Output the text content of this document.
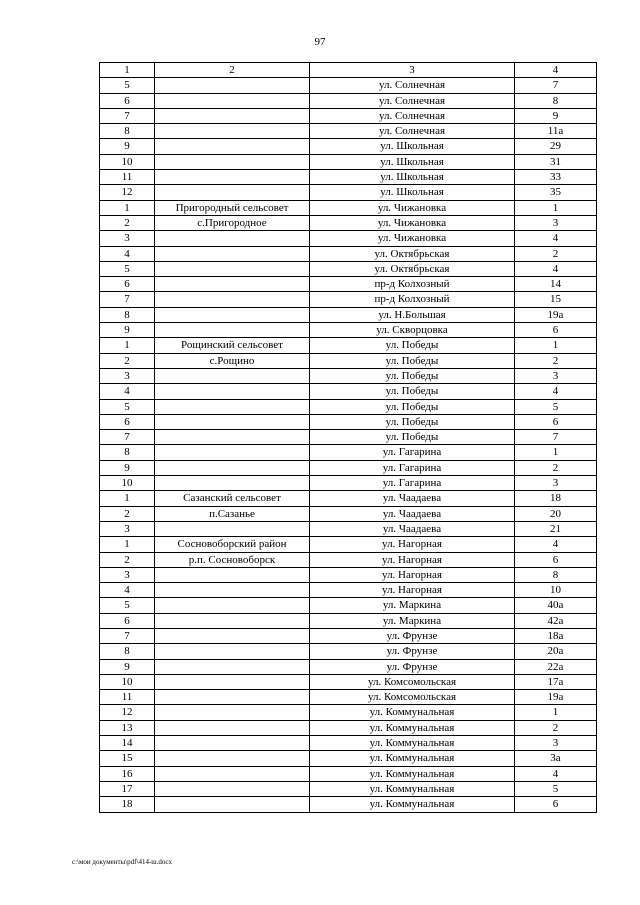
97
1	2	3	4
5		ул. Солнечная	7
6		ул. Солнечная	8
7		ул. Солнечная	9
8		ул. Солнечная	11а
9		ул. Школьная	29
10		ул. Школьная	31
11		ул. Школьная	33
12		ул. Школьная	35
1	Пригородный сельсовет	ул. Чижановка	1
2	с.Пригородное	ул. Чижановка	3
3		ул. Чижановка	4
4		ул. Октябрьская	2
5		ул. Октябрьская	4
6		пр-д Колхозный	14
7		пр-д Колхозный	15
8		ул. Н.Большая	19а
9		ул. Скворцовка	6
1	Рощинский сельсовет	ул. Победы	1
2	с.Рощино	ул. Победы	2
3		ул. Победы	3
4		ул. Победы	4
5		ул. Победы	5
6		ул. Победы	6
7		ул. Победы	7
8		ул. Гагарина	1
9		ул. Гагарина	2
10		ул. Гагарина	3
1	Сазанский сельсовет	ул. Чаадаева	18
2	п.Сазанье	ул. Чаадаева	20
3		ул. Чаадаева	21
1	Сосновоборский район	ул. Нагорная	4
2	р.п. Сосновоборск	ул. Нагорная	6
3		ул. Нагорная	8
4		ул. Нагорная	10
5		ул. Маркина	40а
6		ул. Маркина	42а
7		ул. Фрунзе	18а
8		ул. Фрунзе	20а
9		ул. Фрунзе	22а
10		ул. Комсомольская	17а
11		ул. Комсомольская	19а
12		ул. Коммунальная	1
13		ул. Коммунальная	2
14		ул. Коммунальная	3
15		ул. Коммунальная	3а
16		ул. Коммунальная	4
17		ул. Коммунальная	5
18		ул. Коммунальная	6
c:\мои документы\pdf\414-ш.docx
